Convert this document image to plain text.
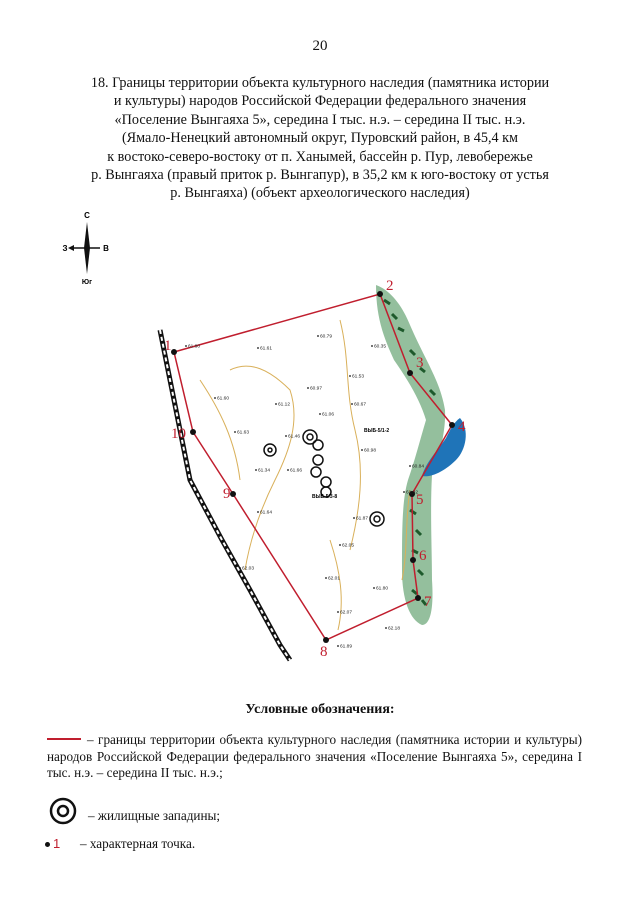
20
18. Границы территории объекта культурного наследия (памятника истории
и культуры) народов Российской Федерации федерального значения
«Поселение Вынгаяха 5», середина I тыс. н.э. – середина II тыс. н.э.
(Ямало-Ненецкий автономный округ, Пуровский район, в 45,4 км
к востоко-северо-востоку от п. Ханымей, бассейн р. Пур, левобережье
р. Вынгаяха (правый приток р. Вынгапур), в 35,2 км к юго-востоку от устья
р. Вынгаяха) (объект археологического наследия)
С
З	В
Юг
1
2
3
4
5
6
7
8
9
10
61.80	61.61
60.79
60.35
61.60
60.97
61.53
61.63
61.12	60.67
61.06
61.46
60.98
61.66
61.34
60.84
61.64
61.87
62.05
62.01
61.80
62.07
62.18
61.89
62.03
61.02
ВЫБ-5/1-2
ВЫБ-5/3-8
Условные обозначения:
– границы территории объекта культурного наследия (памятника истории и культуры) народов Российской Федерации федерального значения «Поселение Вынгаяха 5», середина I тыс. н.э. – середина II тыс. н.э.;
– жилищные западины;
1 – характерная точка.
